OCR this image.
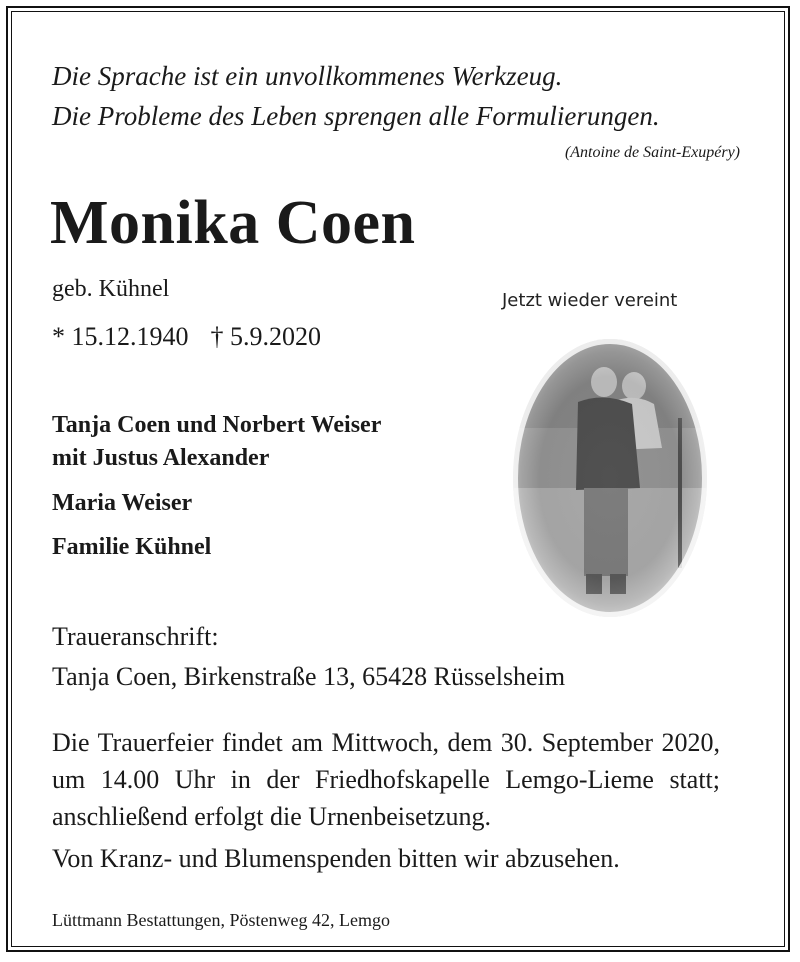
Die Sprache ist ein unvollkommenes Werkzeug.
Die Probleme des Leben sprengen alle Formulierungen.
(Antoine de Saint-Exupéry)
Monika Coen
geb. Kühnel
* 15.12.1940 † 5.9.2020
Jetzt wieder vereint
Tanja Coen und Norbert Weiser
mit Justus Alexander
Maria Weiser
Familie Kühnel
Traueranschrift:
Tanja Coen, Birkenstraße 13, 65428 Rüsselsheim
Die Trauerfeier findet am Mittwoch, dem 30. September 2020, um 14.00 Uhr in der Friedhofskapelle Lemgo-Lieme statt; anschließend erfolgt die Urnenbeisetzung.
Von Kranz- und Blumenspenden bitten wir abzusehen.
Lüttmann Bestattungen, Pöstenweg 42, Lemgo
